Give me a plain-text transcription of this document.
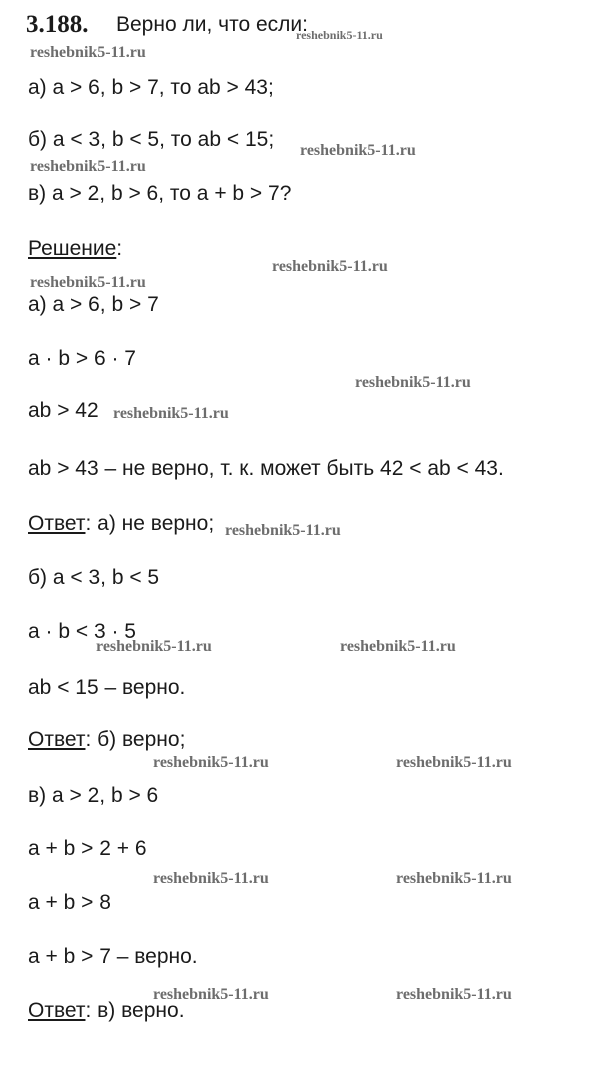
3.188. Верно ли, что если:
а) a > 6, b > 7, то ab > 43;
б) a < 3, b < 5, то ab < 15;
в) a > 2, b > 6, то a + b > 7?
Решение:
а) a > 6, b > 7
a · b > 6 · 7
ab > 42
ab > 43 – не верно, т. к. может быть 42 < ab < 43.
Ответ: а) не верно;
б) a < 3, b < 5
a · b < 3 · 5
ab < 15 – верно.
Ответ: б) верно;
в) a > 2, b > 6
a + b > 2 + 6
a + b > 8
a + b > 7 – верно.
Ответ: в) верно.
reshebnik5-11.ru
reshebnik5-11.ru
reshebnik5-11.ru
reshebnik5-11.ru
reshebnik5-11.ru
reshebnik5-11.ru
reshebnik5-11.ru
reshebnik5-11.ru
reshebnik5-11.ru
reshebnik5-11.ru	reshebnik5-11.ru
reshebnik5-11.ru	reshebnik5-11.ru
reshebnik5-11.ru	reshebnik5-11.ru
reshebnik5-11.ru	reshebnik5-11.ru
